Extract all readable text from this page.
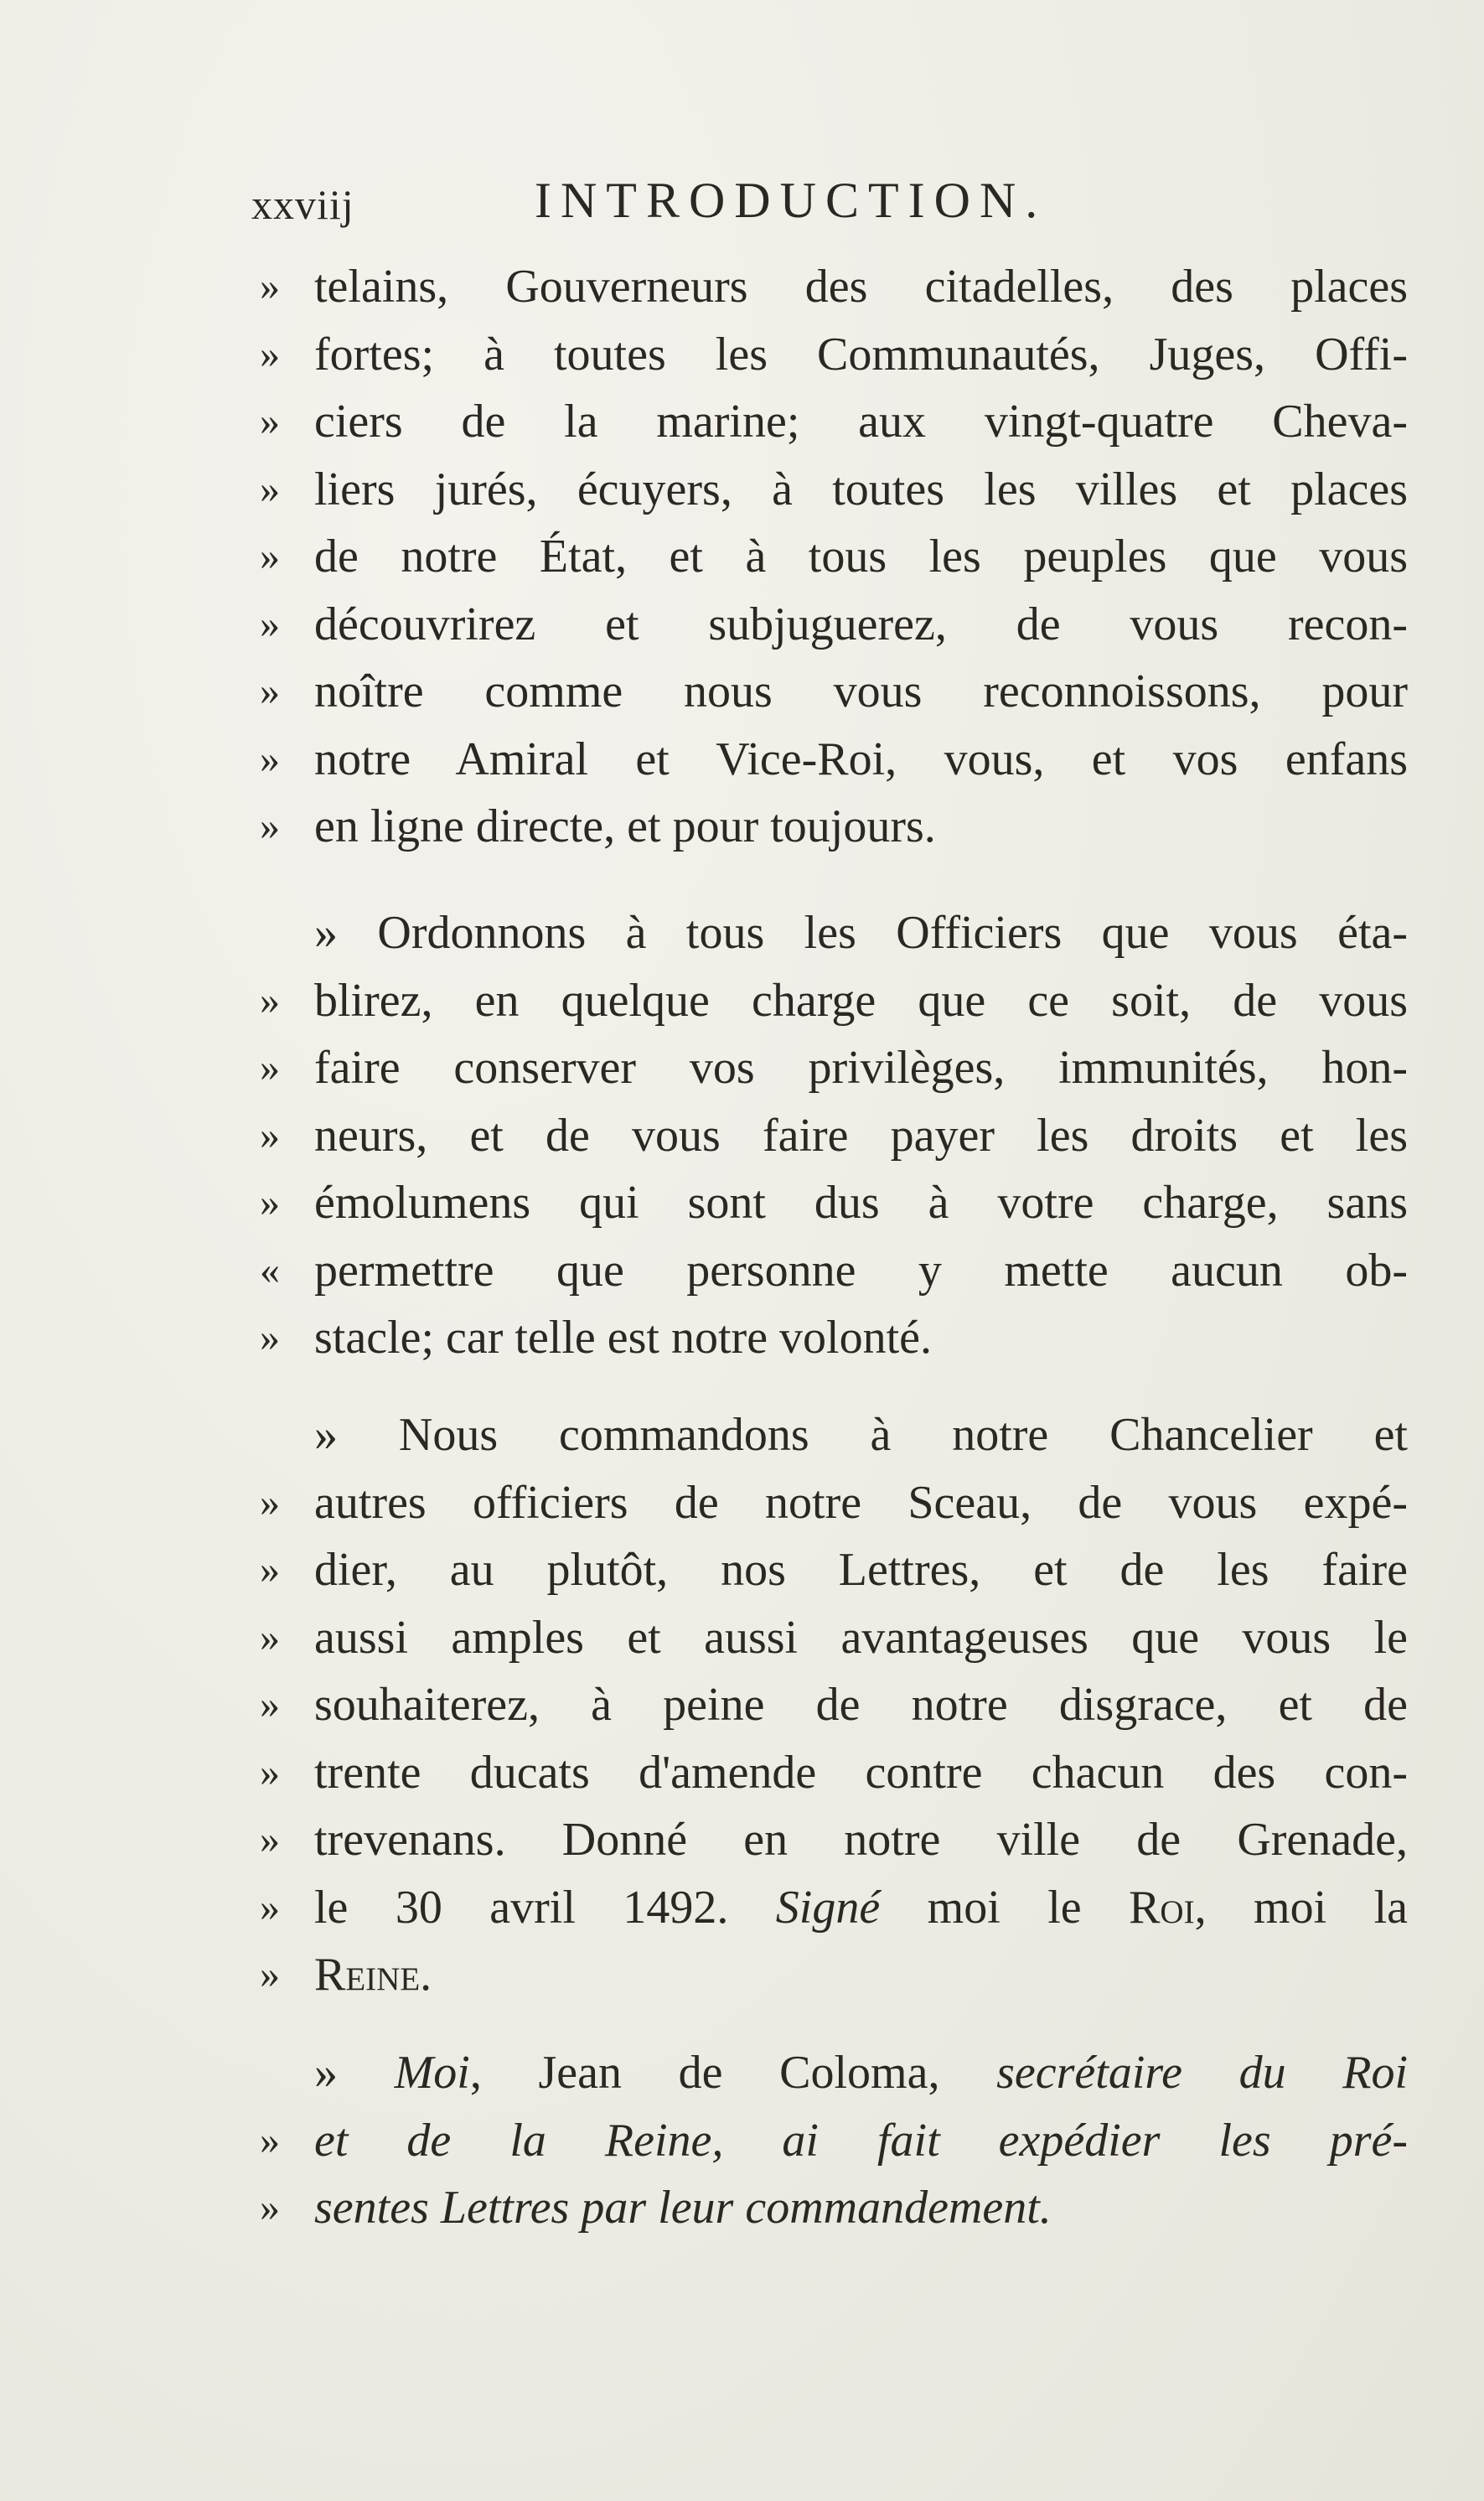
xxviij	INTRODUCTION.
» telains, Gouverneurs des citadelles, des places
» fortes; à toutes les Communautés, Juges, Offi-
» ciers de la marine; aux vingt-quatre Cheva-
» liers jurés, écuyers, à toutes les villes et places
» de notre État, et à tous les peuples que vous
» découvrirez et subjuguerez, de vous recon-
» noître comme nous vous reconnoissons, pour
» notre Amiral et Vice-Roi, vous, et vos enfans
» en ligne directe, et pour toujours.
» Ordonnons à tous les Officiers que vous éta-
» blirez, en quelque charge que ce soit, de vous
» faire conserver vos privilèges, immunités, hon-
» neurs, et de vous faire payer les droits et les
» émolumens qui sont dus à votre charge, sans
« permettre que personne y mette aucun ob-
» stacle; car telle est notre volonté.
» Nous commandons à notre Chancelier et
» autres officiers de notre Sceau, de vous expé-
» dier, au plutôt, nos Lettres, et de les faire
» aussi amples et aussi avantageuses que vous le
» souhaiterez, à peine de notre disgrace, et de
» trente ducats d'amende contre chacun des con-
» trevenans. Donné en notre ville de Grenade,
» le 30 avril 1492. Signé moi le Roi, moi la
» Reine.
» Moi, Jean de Coloma, secrétaire du Roi
» et de la Reine, ai fait expédier les pré-
» sentes Lettres par leur commandement.
